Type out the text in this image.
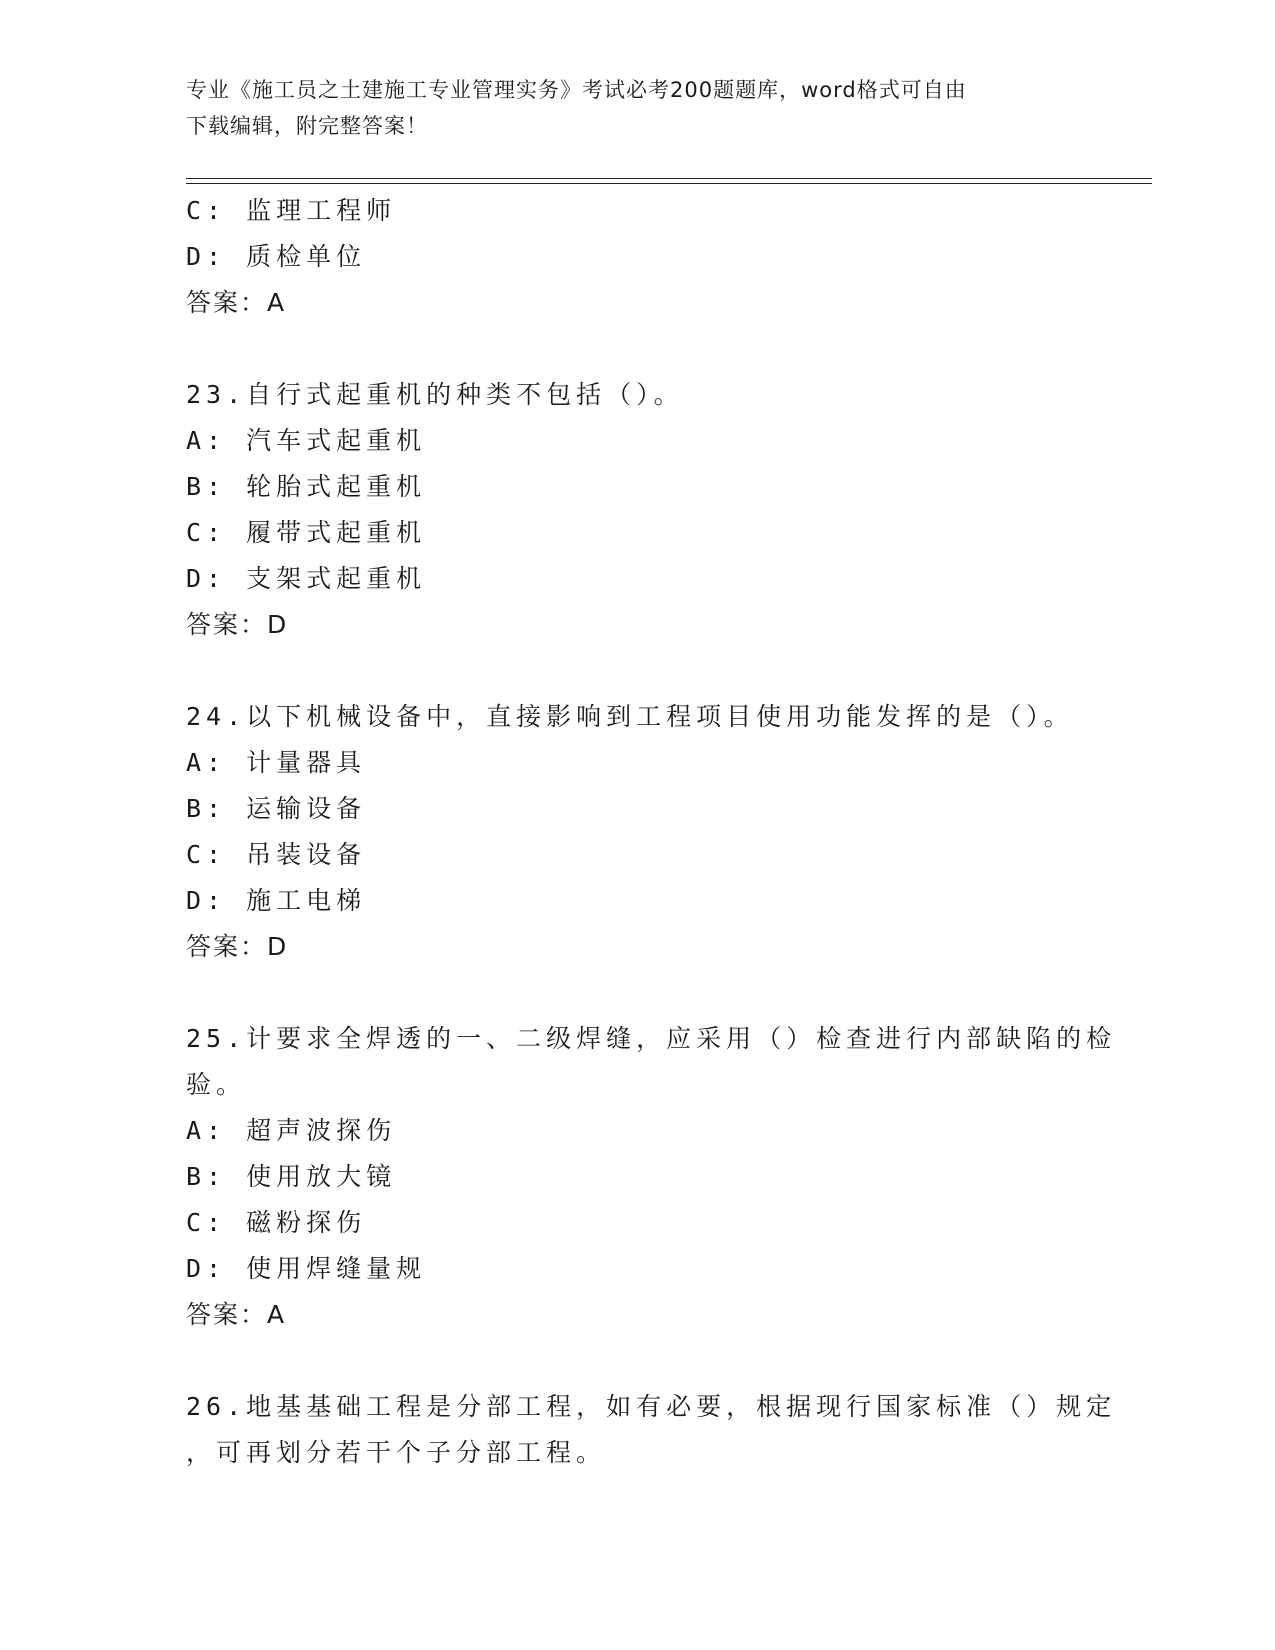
专业《施工员之土建施工专业管理实务》考试必考200题题库，word格式可自由
下载编辑，附完整答案！
C: 监理工程师
D: 质检单位
答案：A
23.自行式起重机的种类不包括（）。
A: 汽车式起重机
B: 轮胎式起重机
C: 履带式起重机
D: 支架式起重机
答案：D
24.以下机械设备中，直接影响到工程项目使用功能发挥的是（）。
A: 计量器具
B: 运输设备
C: 吊装设备
D: 施工电梯
答案：D
25.计要求全焊透的一、二级焊缝，应采用（）检查进行内部缺陷的检
验。
A: 超声波探伤
B: 使用放大镜
C: 磁粉探伤
D: 使用焊缝量规
答案：A
26.地基基础工程是分部工程，如有必要，根据现行国家标准（）规定
，可再划分若干个子分部工程。
